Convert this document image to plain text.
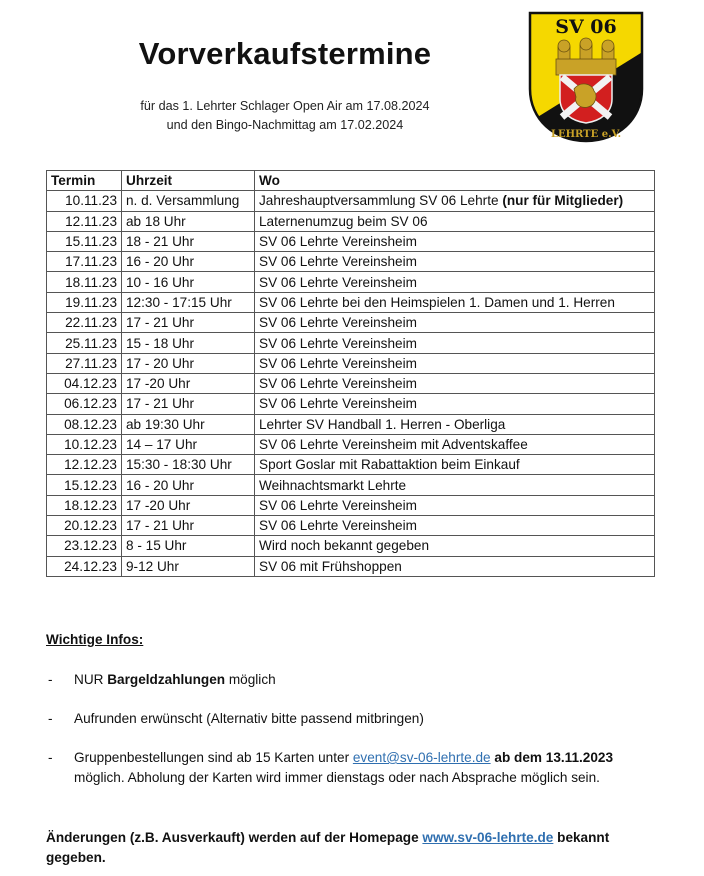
Vorverkaufstermine
für das 1. Lehrter Schlager Open Air am 17.08.2024
und den Bingo-Nachmittag am 17.02.2024
SV 06
LEHRTE e.V.
Termin	Uhrzeit	Wo
10.11.23	n. d. Versammlung	Jahreshauptversammlung SV 06 Lehrte (nur für Mitglieder)
12.11.23	ab 18 Uhr	Laternenumzug beim SV 06
15.11.23	18 - 21 Uhr	SV 06 Lehrte Vereinsheim
17.11.23	16 - 20 Uhr	SV 06 Lehrte Vereinsheim
18.11.23	10 - 16 Uhr	SV 06 Lehrte Vereinsheim
19.11.23	12:30 - 17:15 Uhr	SV 06 Lehrte bei den Heimspielen 1. Damen und 1. Herren
22.11.23	17 - 21 Uhr	SV 06 Lehrte Vereinsheim
25.11.23	15 - 18 Uhr	SV 06 Lehrte Vereinsheim
27.11.23	17 - 20 Uhr	SV 06 Lehrte Vereinsheim
04.12.23	17 -20 Uhr	SV 06 Lehrte Vereinsheim
06.12.23	17 - 21 Uhr	SV 06 Lehrte Vereinsheim
08.12.23	ab 19:30 Uhr	Lehrter SV Handball 1. Herren - Oberliga
10.12.23	14 – 17 Uhr	SV 06 Lehrte Vereinsheim mit Adventskaffee
12.12.23	15:30 - 18:30 Uhr	Sport Goslar mit Rabattaktion beim Einkauf
15.12.23	16 - 20 Uhr	Weihnachtsmarkt Lehrte
18.12.23	17 -20 Uhr	SV 06 Lehrte Vereinsheim
20.12.23	17 - 21 Uhr	SV 06 Lehrte Vereinsheim
23.12.23	8 - 15 Uhr	Wird noch bekannt gegeben
24.12.23	9-12 Uhr	SV 06 mit Frühshoppen
Wichtige Infos:
- NUR Bargeldzahlungen möglich
- Aufrunden erwünscht (Alternativ bitte passend mitbringen)
- Gruppenbestellungen sind ab 15 Karten unter event@sv-06-lehrte.de ab dem 13.11.2023
möglich. Abholung der Karten wird immer dienstags oder nach Absprache möglich sein.
Änderungen (z.B. Ausverkauft) werden auf der Homepage www.sv-06-lehrte.de bekannt gegeben.
